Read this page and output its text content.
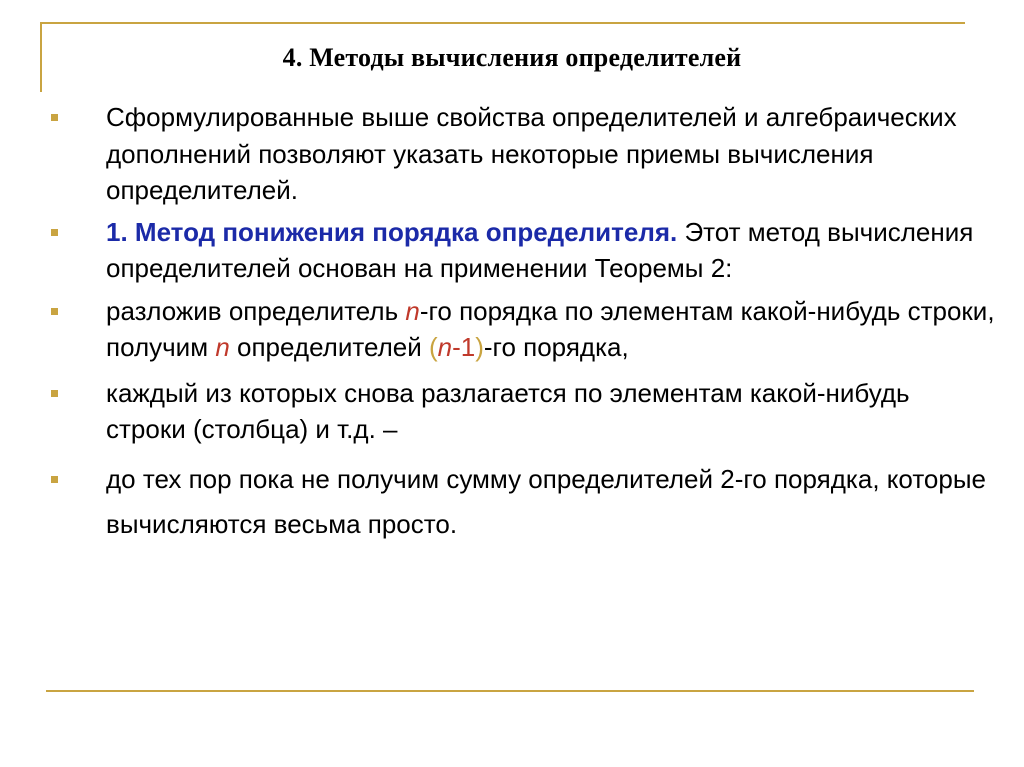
4. Методы вычисления определителей
Сформулированные выше свойства определителей и алгебраических дополнений позволяют указать некоторые приемы вычисления определителей.
1. Метод понижения порядка определителя. Этот метод вычисления определителей основан на применении Теоремы 2:
разложив определитель n-го порядка по элементам какой-нибудь строки, получим n определителей (n-1)-го порядка,
каждый из которых снова разлагается по элементам какой-нибудь строки (столбца) и т.д. –
до тех пор пока не получим сумму определителей 2-го порядка, которые вычисляются весьма просто.
